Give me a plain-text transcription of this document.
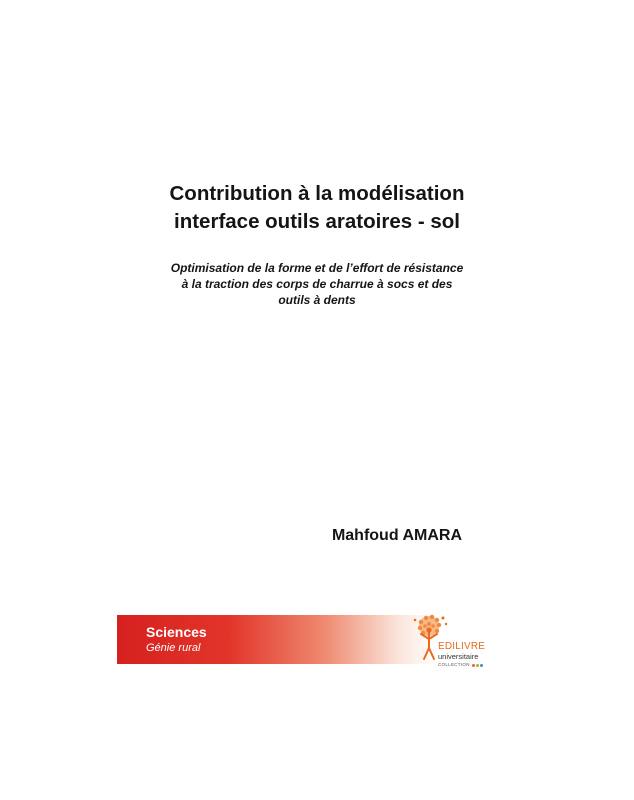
Contribution à la modélisation
interface outils aratoires - sol
Optimisation de la forme et de l’effort de résistance
à la traction des corps de charrue à socs et des
outils à dents
Mahfoud AMARA
Sciences
Génie rural	EDILIVRE
universitaire
COLLECTION
